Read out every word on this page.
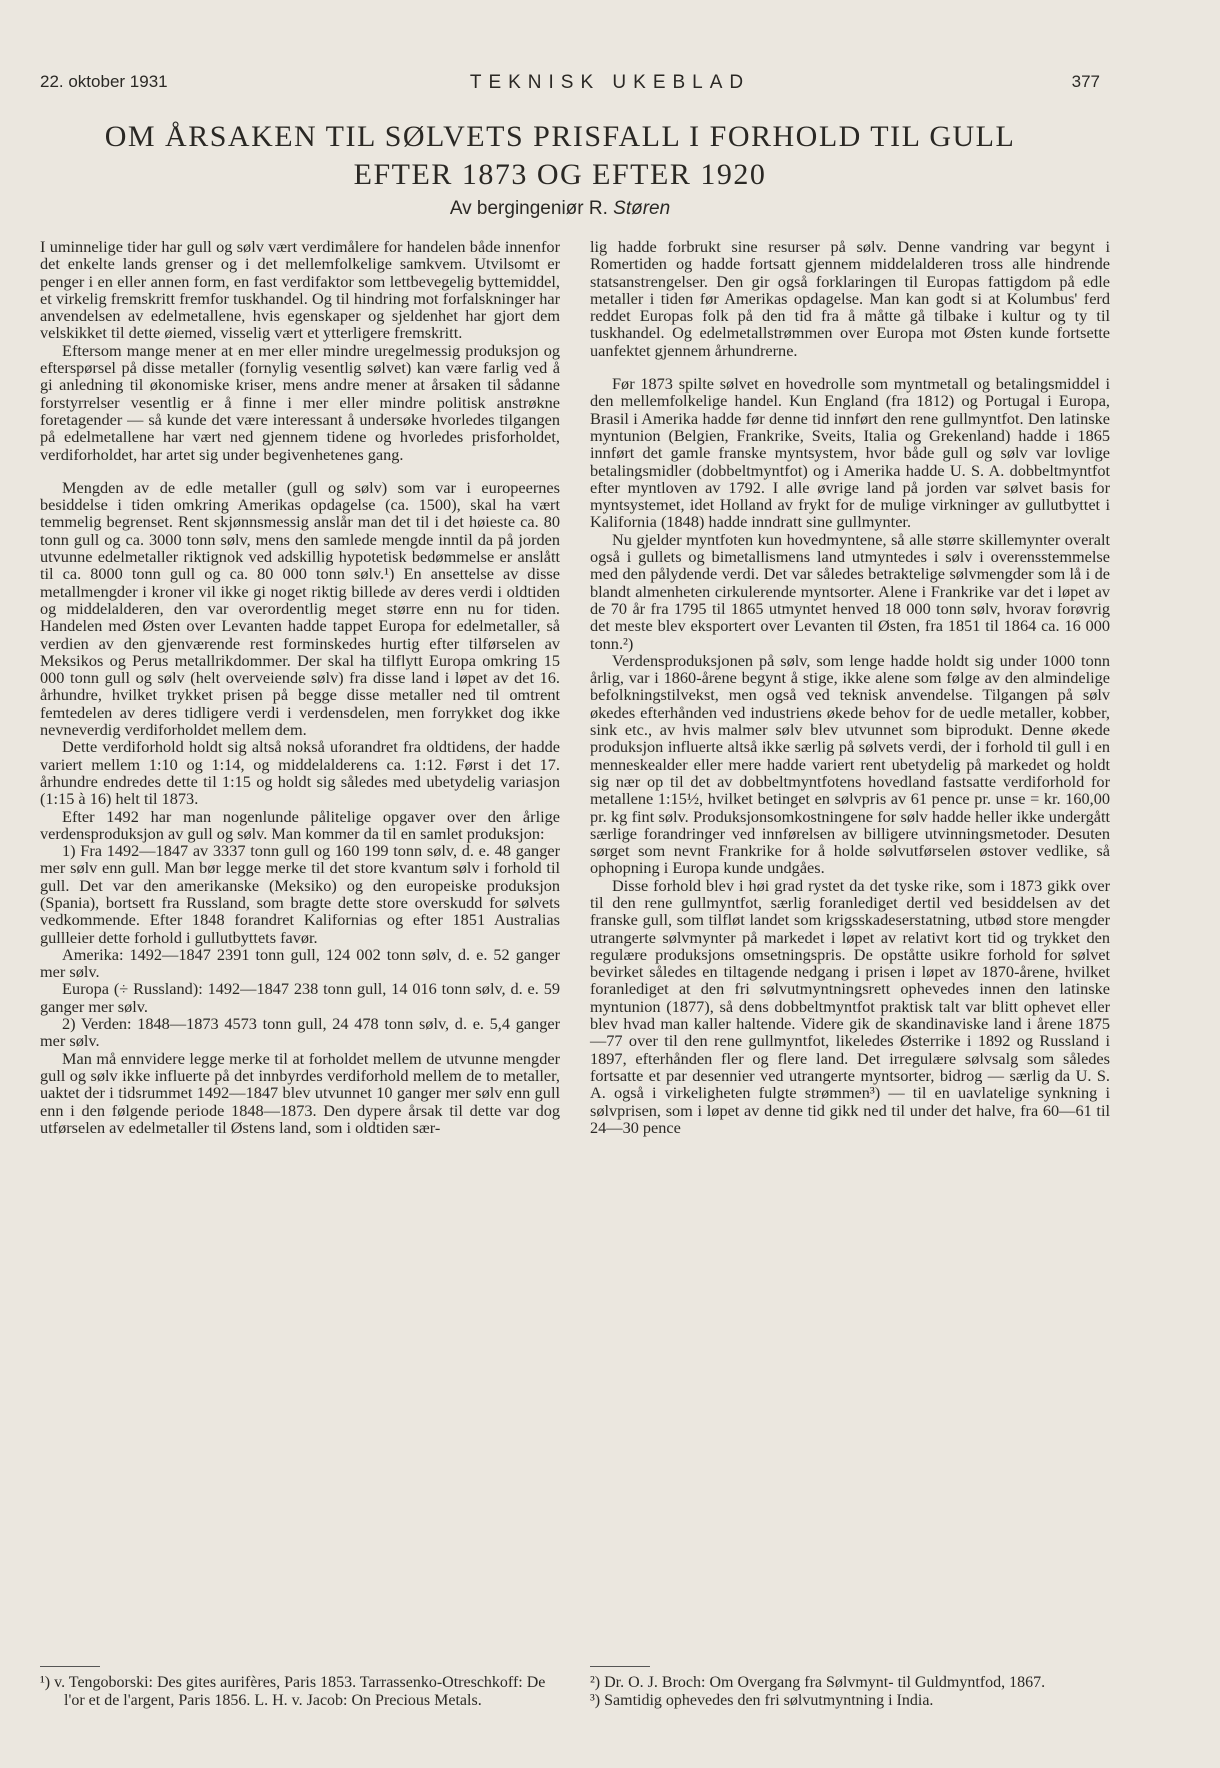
22. oktober 1931	TEKNISK UKEBLAD	377
OM ÅRSAKEN TIL SØLVETS PRISFALL I FORHOLD TIL GULL
EFTER 1873 OG EFTER 1920
Av bergingeniør R. Støren

I uminnelige tider har gull og sølv vært verdimålere for handelen både innenfor det enkelte lands grenser og i det mellemfolkelige samkvem. Utvilsomt er penger i en eller annen form, en fast verdifaktor som lettbevegelig byttemiddel, et virkelig fremskritt fremfor tuskhandel. Og til hindring mot forfalskninger har anvendelsen av edelmetallene, hvis egenskaper og sjeldenhet har gjort dem velskikket til dette øiemed, visselig vært et ytterligere fremskritt.

Eftersom mange mener at en mer eller mindre uregelmessig produksjon og efterspørsel på disse metaller (fornylig vesentlig sølvet) kan være farlig ved å gi anledning til økonomiske kriser, mens andre mener at årsaken til sådanne forstyrrelser vesentlig er å finne i mer eller mindre politisk anstrøkne foretagender — så kunde det være interessant å undersøke hvorledes tilgangen på edelmetallene har vært ned gjennem tidene og hvorledes prisforholdet, verdiforholdet, har artet sig under begivenhetenes gang.

Mengden av de edle metaller (gull og sølv) som var i europeernes besiddelse i tiden omkring Amerikas opdagelse (ca. 1500), skal ha vært temmelig begrenset. Rent skjønnsmessig anslår man det til i det høieste ca. 80 tonn gull og ca. 3000 tonn sølv, mens den samlede mengde inntil da på jorden utvunne edelmetaller riktignok ved adskillig hypotetisk bedømmelse er anslått til ca. 8000 tonn gull og ca. 80 000 tonn sølv.¹) En ansettelse av disse metallmengder i kroner vil ikke gi noget riktig billede av deres verdi i oldtiden og middelalderen, den var overordentlig meget større enn nu for tiden. Handelen med Østen over Levanten hadde tappet Europa for edelmetaller, så verdien av den gjenværende rest forminskedes hurtig efter tilførselen av Meksikos og Perus metallrikdommer. Der skal ha tilflytt Europa omkring 15 000 tonn gull og sølv (helt overveiende sølv) fra disse land i løpet av det 16. århundre, hvilket trykket prisen på begge disse metaller ned til omtrent femtedelen av deres tidligere verdi i verdensdelen, men forrykket dog ikke nevneverdig verdiforholdet mellem dem.

Dette verdiforhold holdt sig altså nokså uforandret fra oldtidens, der hadde variert mellem 1:10 og 1:14, og middelalderens ca. 1:12. Først i det 17. århundre endredes dette til 1:15 og holdt sig således med ubetydelig variasjon (1:15 à 16) helt til 1873.

Efter 1492 har man nogenlunde pålitelige opgaver over den årlige verdensproduksjon av gull og sølv. Man kommer da til en samlet produksjon:

1) Fra 1492—1847 av 3337 tonn gull og 160 199 tonn sølv, d. e. 48 ganger mer sølv enn gull. Man bør legge merke til det store kvantum sølv i forhold til gull. Det var den amerikanske (Meksiko) og den europeiske produksjon (Spania), bortsett fra Russland, som bragte dette store overskudd for sølvets vedkommende. Efter 1848 forandret Kalifornias og efter 1851 Australias gullleier dette forhold i gullutbyttets favør.

Amerika: 1492—1847 2391 tonn gull, 124 002 tonn sølv, d. e. 52 ganger mer sølv.

Europa (÷ Russland): 1492—1847 238 tonn gull, 14 016 tonn sølv, d. e. 59 ganger mer sølv.

2) Verden: 1848—1873 4573 tonn gull, 24 478 tonn sølv, d. e. 5,4 ganger mer sølv.

Man må ennvidere legge merke til at forholdet mellem de utvunne mengder gull og sølv ikke influerte på det innbyrdes verdiforhold mellem de to metaller, uaktet der i tidsrummet 1492—1847 blev utvunnet 10 ganger mer sølv enn gull enn i den følgende periode 1848—1873. Den dypere årsak til dette var dog utførselen av edelmetaller til Østens land, som i oldtiden sær-

lig hadde forbrukt sine resurser på sølv. Denne vandring var begynt i Romertiden og hadde fortsatt gjennem middelalderen tross alle hindrende statsanstrengelser. Den gir også forklaringen til Europas fattigdom på edle metaller i tiden før Amerikas opdagelse. Man kan godt si at Kolumbus' ferd reddet Europas folk på den tid fra å måtte gå tilbake i kultur og ty til tuskhandel. Og edelmetallstrømmen over Europa mot Østen kunde fortsette uanfektet gjennem århundrerne.

Før 1873 spilte sølvet en hovedrolle som myntmetall og betalingsmiddel i den mellemfolkelige handel. Kun England (fra 1812) og Portugal i Europa, Brasil i Amerika hadde før denne tid innført den rene gullmyntfot. Den latinske myntunion (Belgien, Frankrike, Sveits, Italia og Grekenland) hadde i 1865 innført det gamle franske myntsystem, hvor både gull og sølv var lovlige betalingsmidler (dobbeltmyntfot) og i Amerika hadde U. S. A. dobbeltmyntfot efter myntloven av 1792. I alle øvrige land på jorden var sølvet basis for myntsystemet, idet Holland av frykt for de mulige virkninger av gullutbyttet i Kalifornia (1848) hadde inndratt sine gullmynter.

Nu gjelder myntfoten kun hovedmyntene, så alle større skillemynter overalt også i gullets og bimetallismens land utmyntedes i sølv i overensstemmelse med den pålydende verdi. Det var således betraktelige sølvmengder som lå i de blandt almenheten cirkulerende myntsorter. Alene i Frankrike var det i løpet av de 70 år fra 1795 til 1865 utmyntet henved 18 000 tonn sølv, hvorav forøvrig det meste blev eksportert over Levanten til Østen, fra 1851 til 1864 ca. 16 000 tonn.²)

Verdensproduksjonen på sølv, som lenge hadde holdt sig under 1000 tonn årlig, var i 1860-årene begynt å stige, ikke alene som følge av den almindelige befolkningstilvekst, men også ved teknisk anvendelse. Tilgangen på sølv økedes efterhånden ved industriens økede behov for de uedle metaller, kobber, sink etc., av hvis malmer sølv blev utvunnet som biprodukt. Denne økede produksjon influerte altså ikke særlig på sølvets verdi, der i forhold til gull i en menneskealder eller mere hadde variert rent ubetydelig på markedet og holdt sig nær op til det av dobbeltmyntfotens hovedland fastsatte verdiforhold for metallene 1:15½, hvilket betinget en sølvpris av 61 pence pr. unse = kr. 160,00 pr. kg fint sølv. Produksjonsomkostningene for sølv hadde heller ikke undergått særlige forandringer ved innførelsen av billigere utvinningsmetoder. Desuten sørget som nevnt Frankrike for å holde sølvutførselen østover vedlike, så ophopning i Europa kunde undgåes.

Disse forhold blev i høi grad rystet da det tyske rike, som i 1873 gikk over til den rene gullmyntfot, særlig foranlediget dertil ved besiddelsen av det franske gull, som tilfløt landet som krigsskadeserstatning, utbød store mengder utrangerte sølvmynter på markedet i løpet av relativt kort tid og trykket den regulære produksjons omsetningspris. De opståtte usikre forhold for sølvet bevirket således en tiltagende nedgang i prisen i løpet av 1870-årene, hvilket foranlediget at den fri sølvutmyntningsrett ophevedes innen den latinske myntunion (1877), så dens dobbeltmyntfot praktisk talt var blitt ophevet eller blev hvad man kaller haltende. Videre gik de skandinaviske land i årene 1875—77 over til den rene gullmyntfot, likeledes Østerrike i 1892 og Russland i 1897, efterhånden fler og flere land. Det irregulære sølvsalg som således fortsatte et par desennier ved utrangerte myntsorter, bidrog — særlig da U. S. A. også i virkeligheten fulgte strømmen³) — til en uavlatelige synkning i sølvprisen, som i løpet av denne tid gikk ned til under det halve, fra 60—61 til 24—30 pence

¹) v. Tengoborski: Des gites aurifères, Paris 1853. Tarrassenko-Otreschkoff: De l'or et de l'argent, Paris 1856. L. H. v. Jacob: On Precious Metals.

²) Dr. O. J. Broch: Om Overgang fra Sølvmynt- til Guldmyntfod, 1867.

³) Samtidig ophevedes den fri sølvutmyntning i India.
